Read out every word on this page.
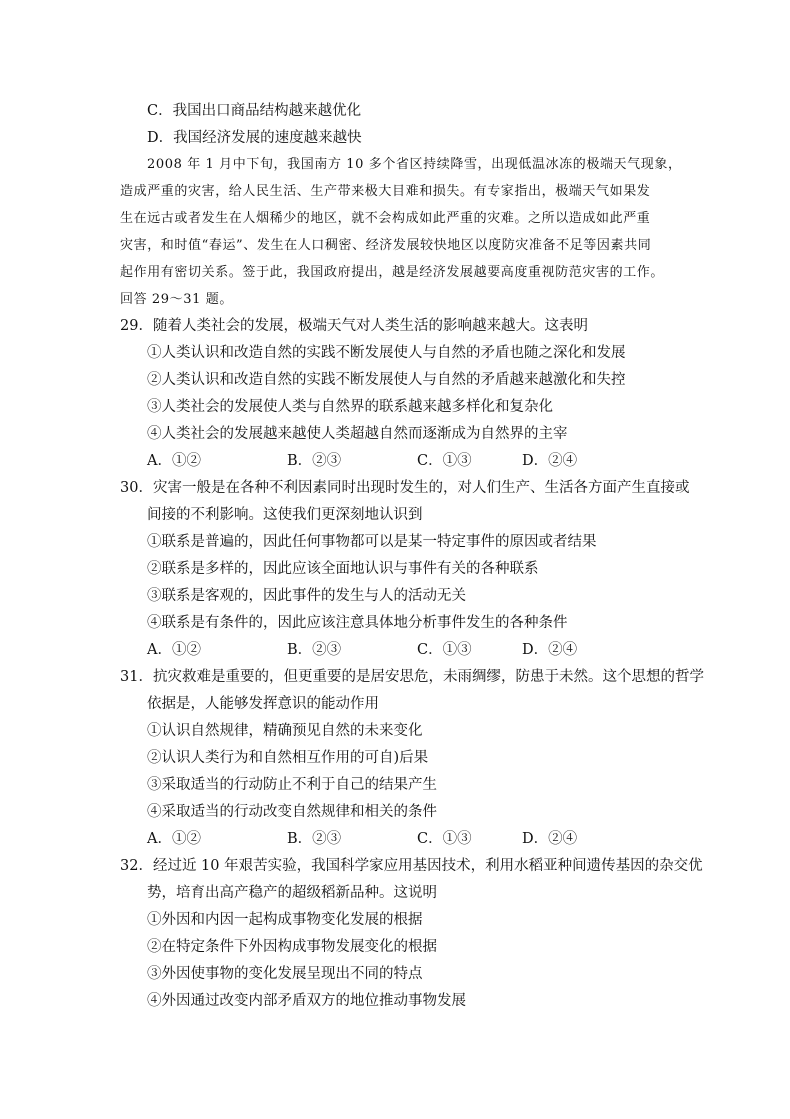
C．我国出口商品结构越来越优化
D．我国经济发展的速度越来越快
2008 年 1 月中下旬，我国南方 10 多个省区持续降雪，出现低温冰冻的极端天气现象，
造成严重的灾害，给人民生活、生产带来极大目难和损失。有专家指出，极端天气如果发
生在远古或者发生在人烟稀少的地区，就不会构成如此严重的灾难。之所以造成如此严重
灾害，和时值“春运”、发生在人口稠密、经济发展较快地区以度防灾准备不足等因素共同
起作用有密切关系。签于此，我国政府提出，越是经济发展越要高度重视防范灾害的工作。
回答 29～31 题。
29．随着人类社会的发展，极端天气对人类生活的影响越来越大。这表明
①人类认识和改造自然的实践不断发展使人与自然的矛盾也随之深化和发展
②人类认识和改造自然的实践不断发展使人与自然的矛盾越来越激化和失控
③人类社会的发展使人类与自然界的联系越来越多样化和复杂化
④人类社会的发展越来越使人类超越自然而逐渐成为自然界的主宰
A．①②	B．②③	C．①③	D．②④
30．灾害一般是在各种不利因素同时出现时发生的，对人们生产、生活各方面产生直接或
间接的不利影响。这使我们更深刻地认识到
①联系是普遍的，因此任何事物都可以是某一特定事件的原因或者结果
②联系是多样的，因此应该全面地认识与事件有关的各种联系
③联系是客观的，因此事件的发生与人的活动无关
④联系是有条件的，因此应该注意具体地分析事件发生的各种条件
A．①②	B．②③	C．①③	D．②④
31．抗灾救难是重要的，但更重要的是居安思危，未雨绸缪，防患于未然。这个思想的哲学
依据是，人能够发挥意识的能动作用
①认识自然规律，精确预见自然的未来变化
②认识人类行为和自然相互作用的可自)后果
③采取适当的行动防止不利于自己的结果产生
④采取适当的行动改变自然规律和相关的条件
A．①②	B．②③	C．①③	D．②④
32．经过近 10 年艰苦实验，我国科学家应用基因技术，利用水稻亚种间遗传基因的杂交优
势，培育出高产稳产的超级稻新品种。这说明
①外因和内因一起构成事物变化发展的根据
②在特定条件下外因构成事物发展变化的根据
③外因使事物的变化发展呈现出不同的特点
④外因通过改变内部矛盾双方的地位推动事物发展
